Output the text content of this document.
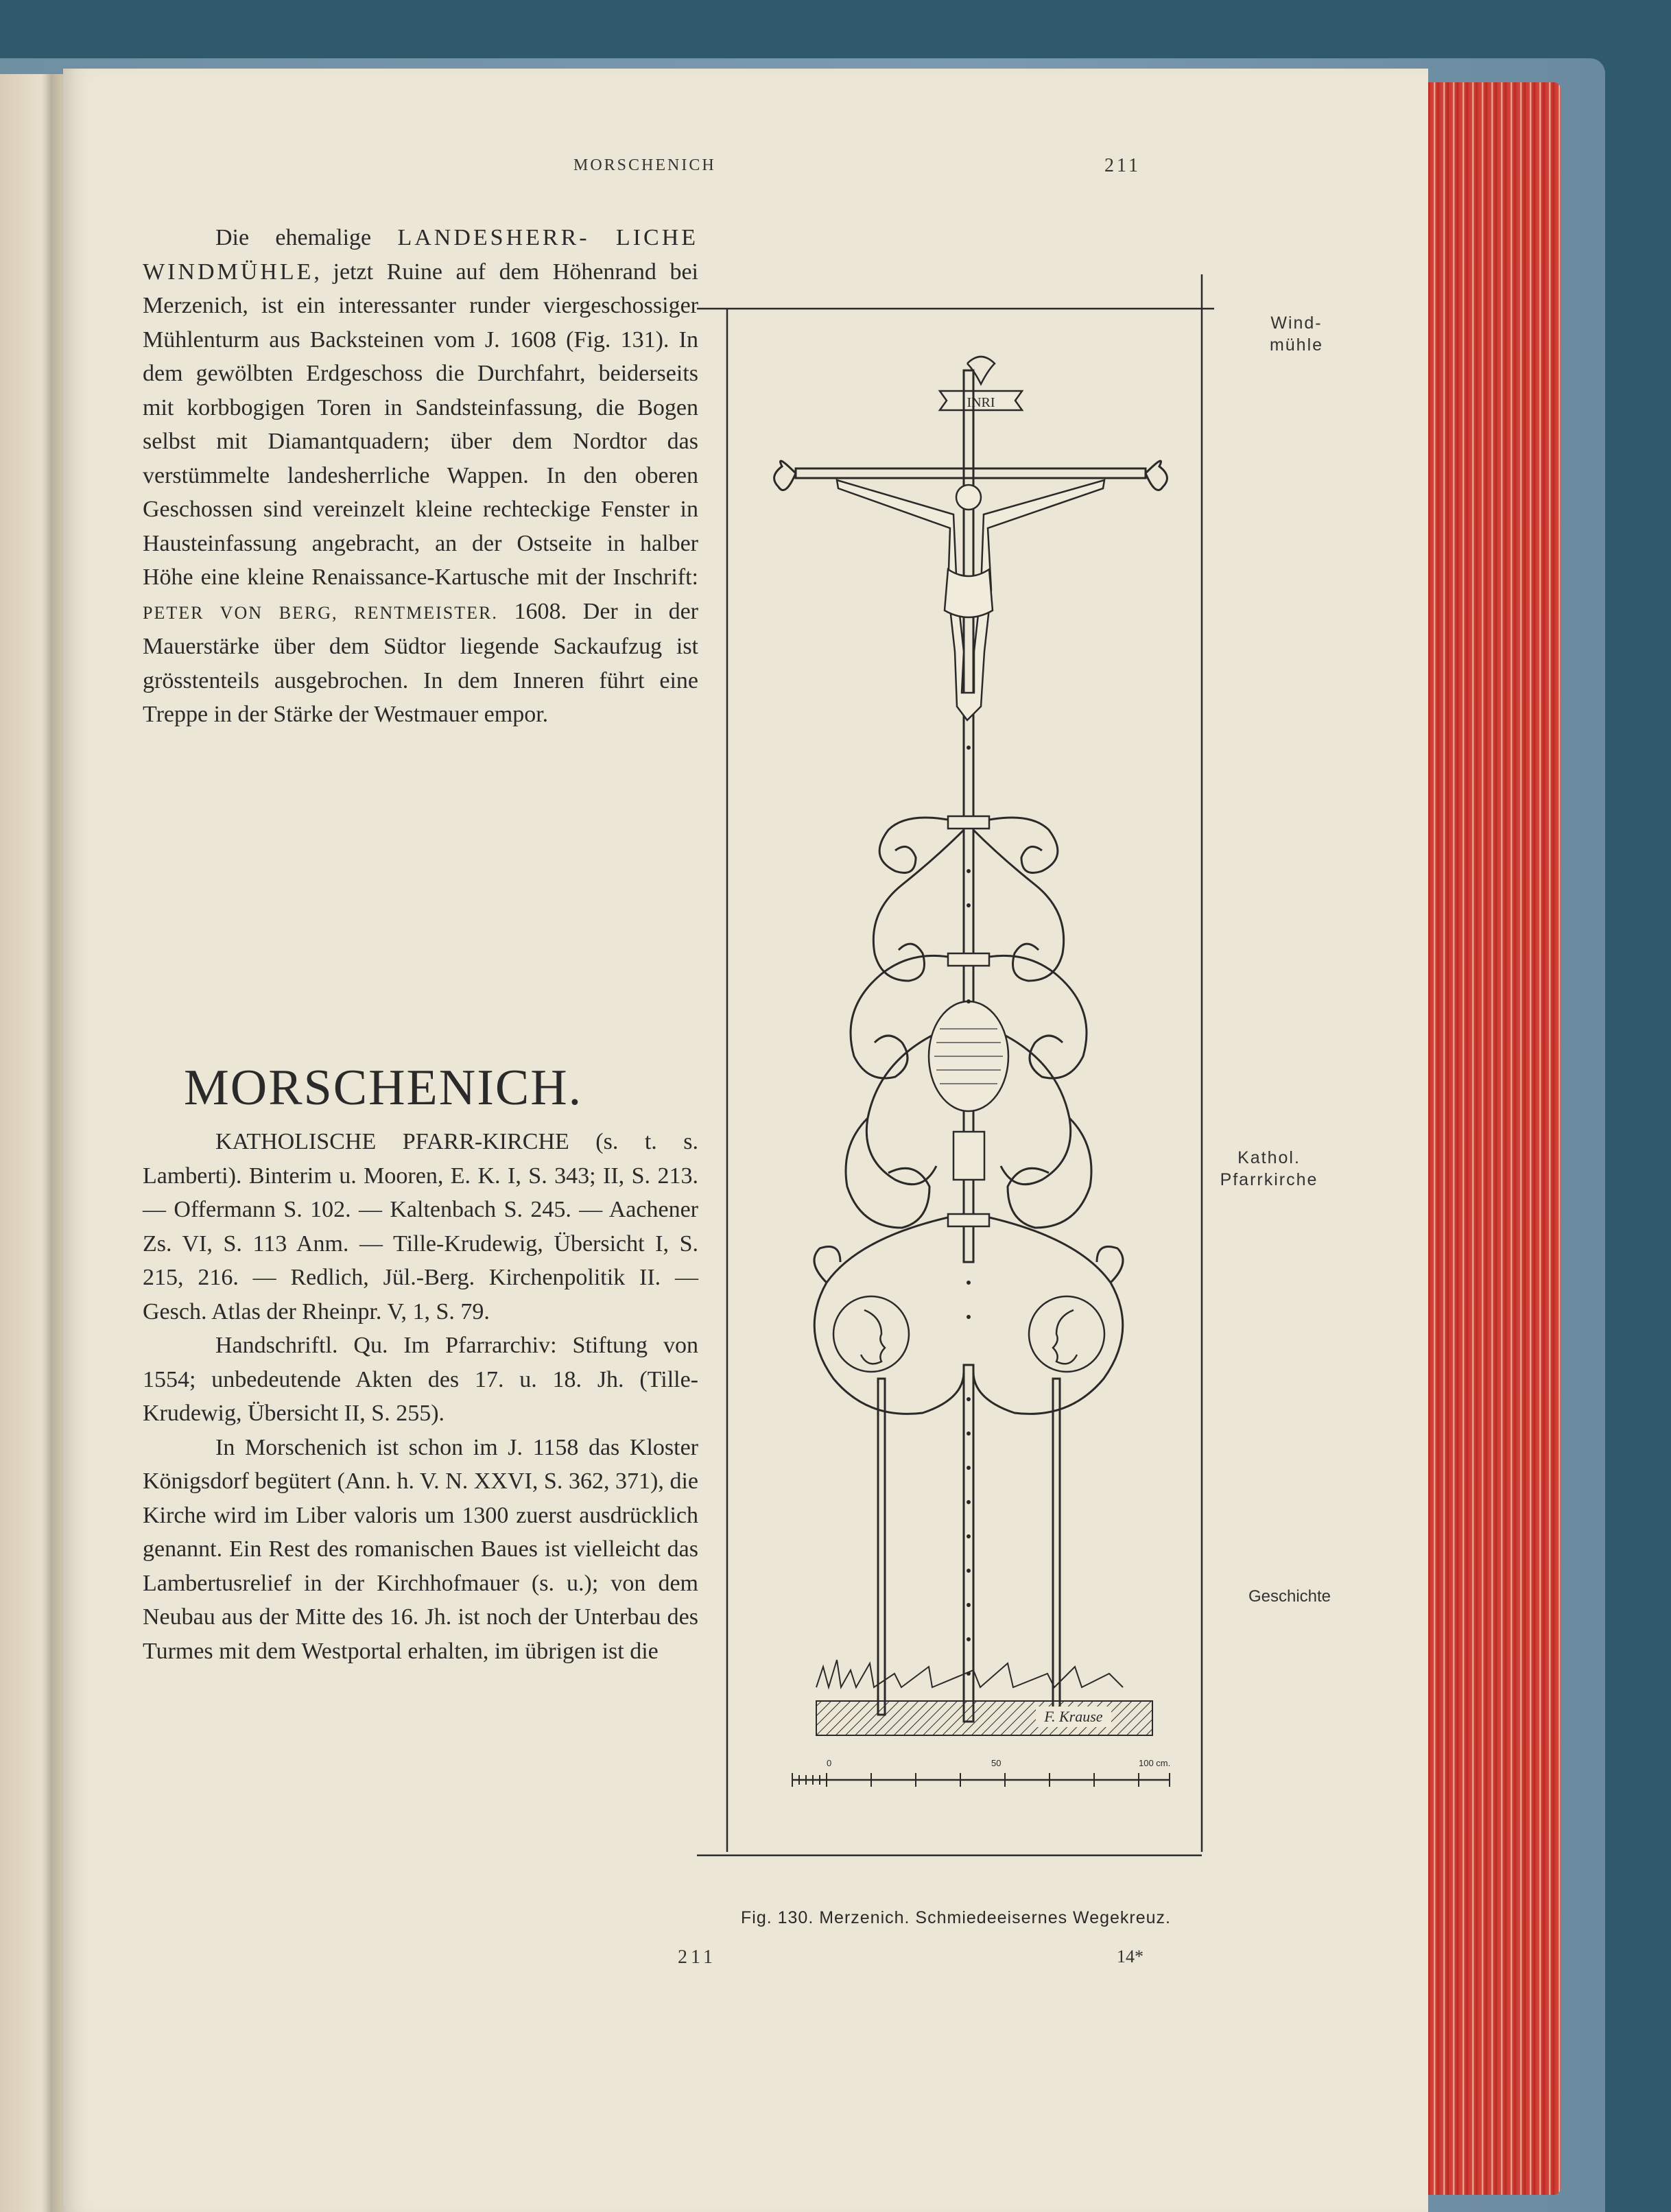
MORSCHENICH	211

Die ehemalige LANDESHERR- LICHE WINDMÜHLE, jetzt Ruine auf dem Höhenrand bei Merzenich, ist ein interessanter runder viergeschossiger Mühlenturm aus Backsteinen vom J. 1608 (Fig. 131). In dem gewölbten Erdgeschoss die Durchfahrt, beiderseits mit korbbogigen Toren in Sandsteinfassung, die Bogen selbst mit Diamantquadern; über dem Nordtor das verstümmelte landesherrliche Wappen. In den oberen Geschossen sind vereinzelt kleine rechteckige Fenster in Hausteinfassung angebracht, an der Ostseite in halber Höhe eine kleine Renaissance-Kartusche mit der Inschrift: PETER VON BERG, RENTMEISTER. 1608. Der in der Mauerstärke über dem Südtor liegende Sackaufzug ist grösstenteils ausgebrochen. In dem Inneren führt eine Treppe in der Stärke der Westmauer empor.

MORSCHENICH.

KATHOLISCHE PFARR-KIRCHE (s. t. s. Lamberti). Binterim u. Mooren, E. K. I, S. 343; II, S. 213. — Offermann S. 102. — Kaltenbach S. 245. — Aachener Zs. VI, S. 113 Anm. — Tille-Krudewig, Übersicht I, S. 215, 216. — Redlich, Jül.-Berg. Kirchenpolitik II. — Gesch. Atlas der Rheinpr. V, 1, S. 79.

Handschriftl. Qu. Im Pfarrarchiv: Stiftung von 1554; unbedeutende Akten des 17. u. 18. Jh. (Tille-Krudewig, Übersicht II, S. 255).

In Morschenich ist schon im J. 1158 das Kloster Königsdorf begütert (Ann. h. V. N. XXVI, S. 362, 371), die Kirche wird im Liber valoris um 1300 zuerst ausdrücklich genannt. Ein Rest des romanischen Baues ist vielleicht das Lambertusrelief in der Kirchhofmauer (s. u.); von dem Neubau aus der Mitte des 16. Jh. ist noch der Unterbau des Turmes mit dem Westportal erhalten, im übrigen ist die

Wind-
mühle
Kathol.
Pfarrkirche
Geschichte
INRI
F. Krause
0	50	100 cm.
Fig. 130. Merzenich. Schmiedeeisernes Wegekreuz.
211	14*
